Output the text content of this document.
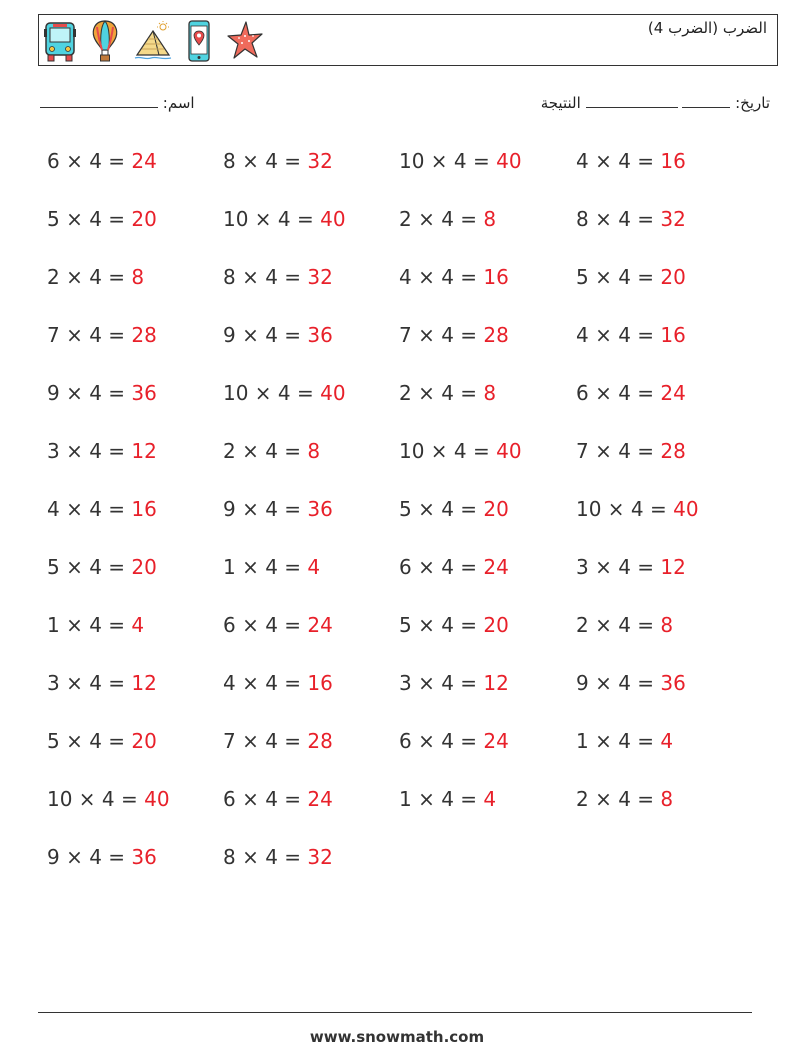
الضرب (الضرب 4)
اسم:	تاريخ:   النتيجة
6 × 4 = 24	8 × 4 = 32	10 × 4 = 40	4 × 4 = 16
5 × 4 = 20	10 × 4 = 40	2 × 4 = 8	8 × 4 = 32
2 × 4 = 8	8 × 4 = 32	4 × 4 = 16	5 × 4 = 20
7 × 4 = 28	9 × 4 = 36	7 × 4 = 28	4 × 4 = 16
9 × 4 = 36	10 × 4 = 40	2 × 4 = 8	6 × 4 = 24
3 × 4 = 12	2 × 4 = 8	10 × 4 = 40	7 × 4 = 28
4 × 4 = 16	9 × 4 = 36	5 × 4 = 20	10 × 4 = 40
5 × 4 = 20	1 × 4 = 4	6 × 4 = 24	3 × 4 = 12
1 × 4 = 4	6 × 4 = 24	5 × 4 = 20	2 × 4 = 8
3 × 4 = 12	4 × 4 = 16	3 × 4 = 12	9 × 4 = 36
5 × 4 = 20	7 × 4 = 28	6 × 4 = 24	1 × 4 = 4
10 × 4 = 40	6 × 4 = 24	1 × 4 = 4	2 × 4 = 8
9 × 4 = 36	8 × 4 = 32
www.snowmath.com
